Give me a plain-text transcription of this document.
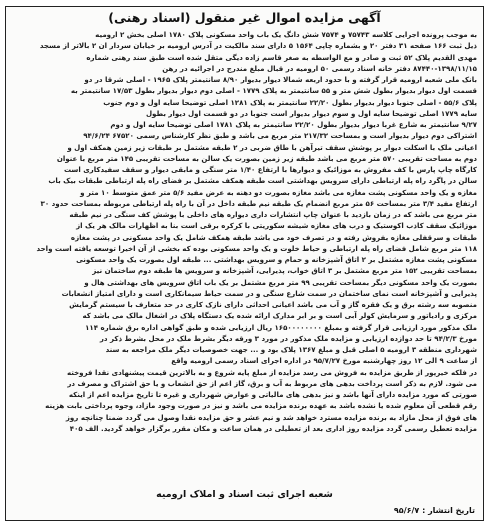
آگهی مزایده اموال غیر منقول (اسناد رهنی)
به موجب پرونده اجرایی کلاسه ۷۵۷۴۳ و ۷۵۷۴ شش دانگ یک باب واحد مسکونی پلاک ۱۷۸۰ اصلی بخش ۲ ارومیه
ذیل ثبت ۱۶۶ صفحه ۳۱ دفتر ۲۰ و بشماره چاپی ۱۵۶۴ ۵ دارای سند مالکیت در آدرس ارومیه بر خیابان سردار ان ۲ بالاتر از مسجد
مهدی القدیم پلاک ۵۲ ثبت و صادر و مع الواسطه به صغر قاسم زاده دیگی متقل شده است طبق سند رهنی شماره
۸۷۴۴۰-۱۳۹۸/۱۱/۱۵ دفتر خانه اسناد رسمی ۵۰ ارومیه در قبال مبلغ مندرج در اجرائیه در رهن
بانک ملی شعبه ارومیه قرار گرفته و با حدود اربعه شمالا دیوار بدیوار ۸/۹۰ سانتیمتر پلاک ۱۹۶۵ - اصلی شرقا در دو
قسمت اول دیوار بدیوار بطول شش متر و ۵۵ سانتیمتر به پلاک ۱۷۷۹ - اصلی دوم دیوار بدیوار بطول ۱۷/۵۳ سانتیمتر به
پلاک ۵۵/۶ - اصلی جنوبا دیوار بدیوار بطول ۲۲/۲۰ سانتیمتر به پلاک ۱۲۸۱ اصلی توضیحا سایه اول و دوم جنوب
سایه ۱۷۷۹ اصلی توضیحا سایه اول و سوم دیوار بدیوار است جنوبا در دو قسمت اول دیوار بطول
۹/۲۷ سانتیمتر به شارع غربا دیوار بدیوار بطول ۲۲/۲۰ سانتیمتر به پلاک ۱۷۸۱ اصلی توضیحا سایه اول و دوم
اشتراکی دوم دیوار بدیوار است و بمساحت ۲۱۷/۳۲ متر مربع می باشد و طبق نظر کارشناس رسمی ۶۷۵۲۰ ۹۴/۶/۲۴
اعیانی ملک با اسکلت دیوار بر پوشش سقف تیرآهن با طاق ضربی در ۲ طبقه مشتمل بر طبقات زیر زمین همکف اول و
دوم به مساحت تقریبی ۵۷۰ متر مربع می باشد طبقه زیر زمین بصورت یک سالن به مساحت تقریبی ۱۴۵ متر مربع با عنوان
کارگاه چاپ پارس با کف مفروش به موزائیک و دیوارها با ارتفاع ۱/۴۰ متر سنگی و مابقی دیوار و سقف سفیدکاری است
سالن در پاگرد راه پله ارتباطی دارای سرویس بهداشتی است طبقه همکف مشتمل بر فضای راه پله ارتباطی طبقات بیک باب
مغازه و یک واحد مسکونی پشت مغازه می باشد مغازه بصورت دو دهنه به عرض مفید ۵/۶ متر عمق متوسط ۱۰ متر و
ارتفاع مفید ۳/۴ متر بمساحت ۵۶ متر مربع انضمام یک طبقه نیم طبقه داخل در آن با راه پله ارتباطی مربوطه بمساحت حدود ۳۰
متر مربع می باشد که در زمان بازدید با عنوان چاپ انتشارات داری دیواره های داخلی با پوشش کف سنگی در نیم طبقه
موزائیک سقف کاذب اکوستیک و درب های مغازه شیشه سکوریتی با کرکره برقی است بنا به اظهارات مالک هر یک از
طبقات و سرقفلی مغازه بفروش رفته و در تصرف خود می باشد طبقه همکف شامل یک واحد مسکونی در پشت مغازه
۱۱۸ متر مربع شامل فضای راه پله ارتباطی و حیاط خلوت و یک واحد مسکونی بوده که بخشی از آن اخیرا توسعه یافته است واحد
مسکونی پشت مغازه مشتمل بر ۲ اتاق آشپزخانه و حمام و سرویس بهداشتی ... طبقه اول بصورت یک واحد مسکونی
بمساحت تقریبی ۱۵۲ متر مربع مشتمل بر ۳ اتاق خواب، پذیرایی، آشپزخانه و سرویس ها طبقه دوم ساختمان نیز
بصورت یک واحد مسکونی دیگر بمساحت تقریبی ۹۹ متر مربع مشتمل بر یک باب اتاق سرویس های بهداشتی هال و
پذیرایی و آشپزخانه است نمای ساختمان در سمت شارع سنگی و در سمت حیاط سیمانکاری است و دارای امتیاز انشعابات
منصوبه سه رشته برق و یک فقره گاز و آب می باشد اعیانی احداثی دارای نازک کاری در حد متعارف با سیستم گرمایش
مرکزی و رادیاتور و سرمایش کولر آبی است و بر ابر مدارک ارائه شده یک دستگاه پلاک در اشغال مالک می باشد که
ملک مذکور مورد ارزیابی قرار گرفته و بمبلغ ۱۶۵۰۰۰۰۰۰۰۰ ریال ارزیابی شده و طبق گواهی اداره برق شماره ۱۱۴
مورخ ۹۴/۲/۳ تا حد دوازده ارزیابی و مزایده ملک مذکور در مورد ۳ ورقه دیگر بشرط ملک در محل بشرط ذکر در
شهرداری منطقه ۳ ارومیه ۵ اصلی قبل و مبلغ ۱۳۶۷ پلاک بود و ... جهت خصوصیات دیگر ملک مراجعه به سند
از ساعت ۹ الی ۱۲ روز چهارشنبه مورخ ۹۵/۷/۲۷ در اداره اجرای اسناد رسمی ارومیه واقع
در فلکه خیرپور از طریق مزایده به فروش می رسد مزایده از مبلغ پایه شروع و به بالاترین قیمت پیشنهادی نقدا فروخته
می شود. لازم به ذکر است پرداخت بدهی های مربوط به آب و برق، گاز اعم از حق انشعاب و یا حق اشتراک و مصرف در
صورتی که مورد مزایده دارای آنها باشد و نیز بدهی های مالیاتی و عوارض شهرداری و غیره تا تاریخ مزایده اعم از اینکه
رقم قطعی آن معلوم شده یا نشده باشد به عهده برنده مزایده می باشد و نیز در صورت وجود مازاد، وجوه پرداختی بابت هزینه
های فوق از محل مازاد به برنده مزایده مسترد خواهد شد و نیم عشر و حق مزایده نقدا وصول می گردد ضمنا چنانچه روز
مزایده تعطیل رسمی گردد مزایده روز اداری بعد از تعطیلی در همان ساعت و مکان مقرر برگزار خواهد گردید. الف ۴۰۵
شعبه اجرای ثبت اسناد و املاک ارومیه
تاریخ انتشار : ۹۵/۶/۷
